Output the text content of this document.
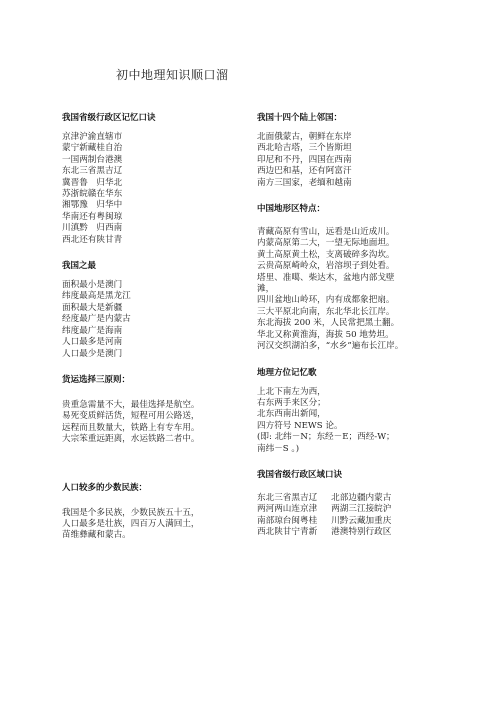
初中地理知识顺口溜
我国省级行政区记忆口诀
京津沪渝直辖市
蒙宁新藏桂自治
一国两制台港澳
东北三省黑吉辽
冀晋鲁　归华北
苏浙皖赣在华东
湘鄂豫　归华中
华南还有粤闽琼
川滇黔　归西南
西北还有陕甘青
我国之最
面积最小是澳门
纬度最高是黑龙江
面积最大是新疆
经度最广是内蒙古
纬度最广是海南
人口最多是河南
人口最少是澳门
货运选择三原则：
贵重急需量不大，最佳选择是航空。
易死变质鲜活货，短程可用公路送，
远程而且数量大，铁路上有专车用。
大宗笨重远距离，水运铁路二者中。
人口较多的少数民族：
我国是个多民族，少数民族五十五，
人口最多是壮族，四百万人满回土，
苗维彝藏和蒙古。
我国十四个陆上邻国：
北面俄蒙古，朝鲜在东岸
西北哈吉塔，三个皆斯坦
印尼和不丹，四国在西南
西边巴和基，还有阿富汗
南方三国家，老缅和越南
中国地形区特点：
青藏高原有雪山，远看是山近成川。
内蒙高原第二大，一望无际地面坦。
黄土高原黄土松，支离破碎多沟坎。
云贵高原崎岭众，岩溶坝子到处看。
塔里、准噶、柴达木，盆地内部戈壁
滩，
四川盆地山岭环，内有成都象把扇。
三大平原北向南，东北华北长江岸。
东北海拔 200 米，人民常把黑土翻。
华北又称黄淮海，海拔 50 地势坦。
河汉交织湖泊多，“水乡”遍布长江岸。
地理方位记忆歌
上北下南左为西，
右东两手来区分；
北东西南出新闻，
四方符号 NEWS 论。
(即: 北纬－N；东经－E；西经-W；
南纬－S 。)
我国省级行政区域口诀
东北三省黑吉辽
两河两山连京津
南部琼台闽粤桂
西北陕甘宁青新
北部边疆内蒙古
两湖三江接皖沪
川黔云藏加重庆
港澳特别行政区
